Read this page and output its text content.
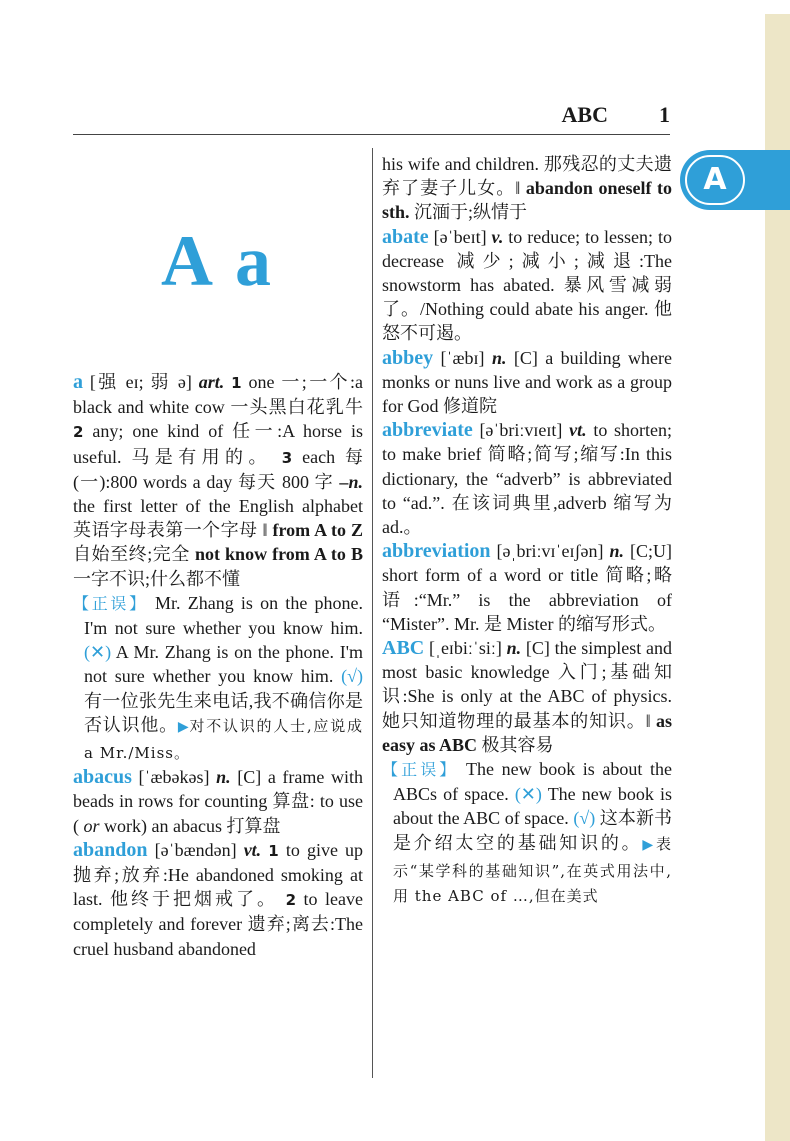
ABC 1
A
A a

a [强 eɪ; 弱 ə] art. 1 one 一;一个:a black and white cow 一头黑白花乳牛 2 any; one kind of 任一:A horse is useful. 马是有用的。 3 each 每(一):800 words a day 每天 800 字 –n. the first letter of the English alphabet 英语字母表第一个字母 ‖ from A to Z 自始至终;完全 not know from A to B 一字不识;什么都不懂

【正误】 Mr. Zhang is on the phone. I'm not sure whether you know him. (✕) A Mr. Zhang is on the phone. I'm not sure whether you know him. (√) 有一位张先生来电话,我不确信你是否认识他。▶对不认识的人士,应说成 a Mr./Miss。

abacus [ˈæbəkəs] n. [C] a frame with beads in rows for counting 算盘: to use ( or work) an abacus 打算盘

abandon [əˈbændən] vt. 1 to give up 抛弃;放弃:He abandoned smoking at last. 他终于把烟戒了。 2 to leave completely and forever 遗弃;离去:The cruel husband abandoned

his wife and children. 那残忍的丈夫遗弃了妻子儿女。‖ abandon oneself to sth. 沉湎于;纵情于

abate [əˈbeɪt] v. to reduce; to lessen; to decrease 减少;减小;减退:The snowstorm has abated. 暴风雪减弱了。/Nothing could abate his anger. 他怒不可遏。

abbey [ˈæbɪ] n. [C] a building where monks or nuns live and work as a group for God 修道院

abbreviate [əˈbriːvɪeɪt] vt. to shorten; to make brief 简略;简写;缩写:In this dictionary, the “adverb” is abbreviated to “ad.”. 在该词典里,adverb 缩写为 ad.。

abbreviation [əˌbriːvɪˈeɪʃən] n. [C;U] short form of a word or title 简略;略语:“Mr.” is the abbreviation of “Mister”. Mr. 是 Mister 的缩写形式。

ABC [ˌeɪbiːˈsiː] n. [C] the simplest and most basic knowledge 入门;基础知识:She is only at the ABC of physics. 她只知道物理的最基本的知识。‖ as easy as ABC 极其容易

【正误】 The new book is about the ABCs of space. (✕) The new book is about the ABC of space. (√) 这本新书是介绍太空的基础知识的。▶表示“某学科的基础知识”,在英式用法中,用 the ABC of …,但在美式
